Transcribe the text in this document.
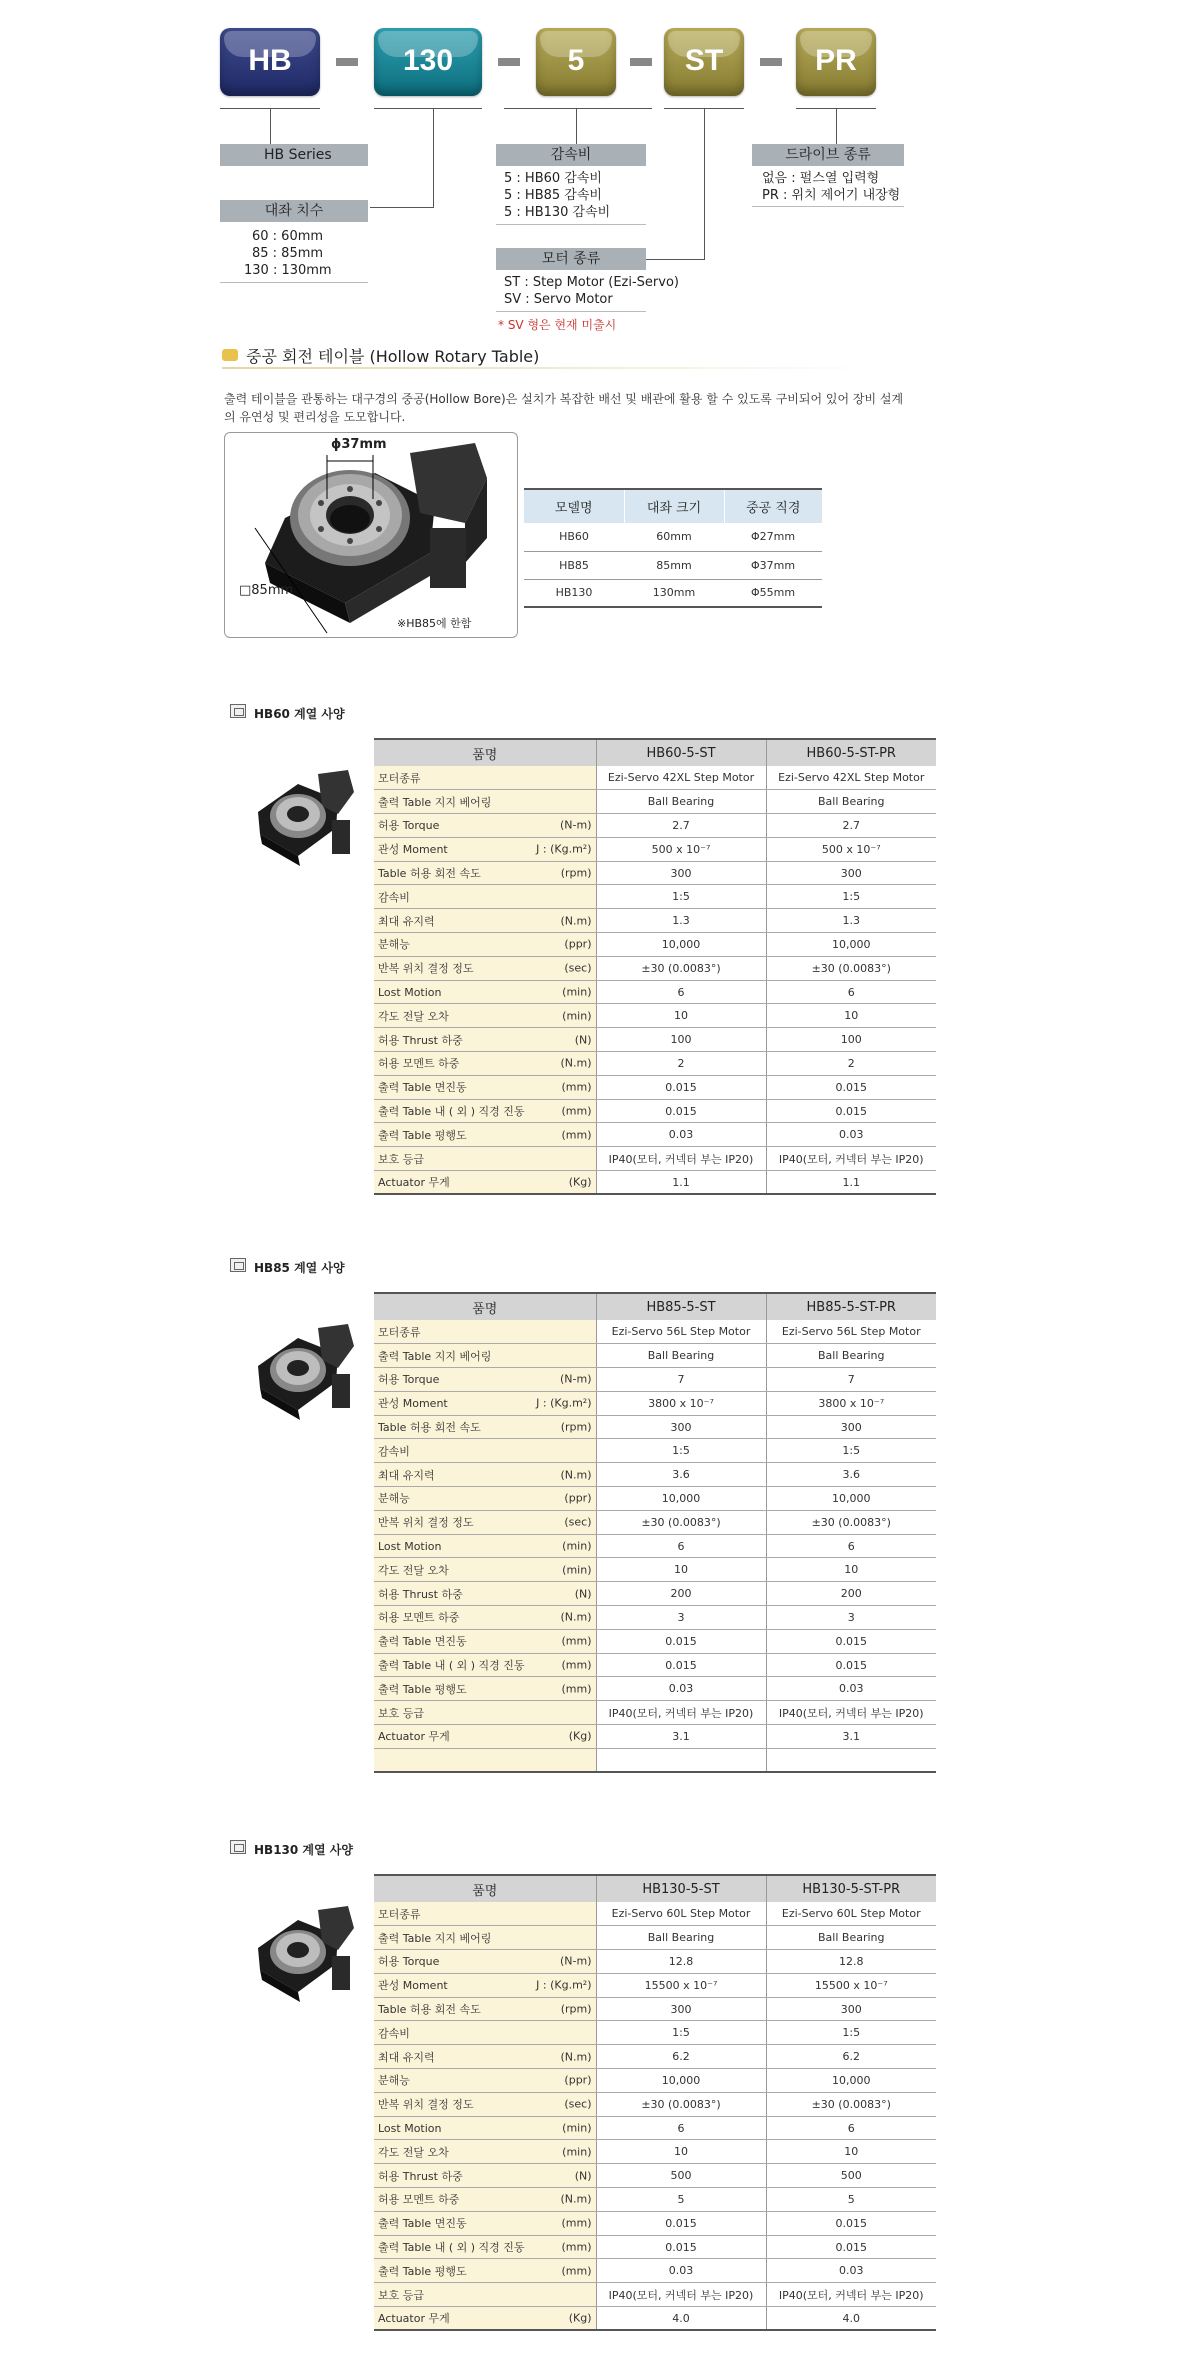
HB	130	5	ST	PR
HB Series
대좌 치수
60 : 60mm
85 : 85mm
130 : 130mm
감속비
5 : HB60 감속비
5 : HB85 감속비
5 : HB130 감속비
모터 종류
ST : Step Motor (Ezi-Servo)
SV : Servo Motor
* SV 형은 현재 미출시
드라이브 종류
없음 : 펄스열 입력형
PR : 위치 제어기 내장형
중공 회전 테이블 (Hollow Rotary Table)
출력 테이블을 관통하는 대구경의 중공(Hollow Bore)은 설치가 복잡한 배선 및 배관에 활용 할 수 있도록 구비되어 있어 장비 설계
의 유연성 및 편리성을 도모합니다.
ϕ37mm
□85mm
※HB85에 한함
모델명	대좌 크기	중공 직경
HB60	60mm	Φ27mm
HB85	85mm	Φ37mm
HB130	130mm	Φ55mm
HB60 계열 사양
품명	HB60-5-ST	HB60-5-ST-PR
모터종류	Ezi-Servo 42XL Step Motor	Ezi-Servo 42XL Step Motor
출력 Table 지지 베어링	Ball Bearing	Ball Bearing
허용 Torque (N-m)	2.7	2.7
관성 Moment J : (Kg.m²)	500 x 10⁻⁷	500 x 10⁻⁷
Table 허용 회전 속도 (rpm)	300	300
감속비	1:5	1:5
최대 유지력 (N.m)	1.3	1.3
분해능 (ppr)	10,000	10,000
반복 위치 결정 정도 (sec)	±30 (0.0083°)	±30 (0.0083°)
Lost Motion (min)	6	6
각도 전달 오차 (min)	10	10
허용 Thrust 하중 (N)	100	100
허용 모멘트 하중 (N.m)	2	2
출력 Table 면진동 (mm)	0.015	0.015
출력 Table 내 ( 외 ) 직경 진동 (mm)	0.015	0.015
출력 Table 평행도 (mm)	0.03	0.03
보호 등급	IP40(모터, 커넥터 부는 IP20)	IP40(모터, 커넥터 부는 IP20)
Actuator 무게 (Kg)	1.1	1.1
HB85 계열 사양
품명	HB85-5-ST	HB85-5-ST-PR
모터종류	Ezi-Servo 56L Step Motor	Ezi-Servo 56L Step Motor
출력 Table 지지 베어링	Ball Bearing	Ball Bearing
허용 Torque (N-m)	7	7
관성 Moment J : (Kg.m²)	3800 x 10⁻⁷	3800 x 10⁻⁷
Table 허용 회전 속도 (rpm)	300	300
감속비	1:5	1:5
최대 유지력 (N.m)	3.6	3.6
분해능 (ppr)	10,000	10,000
반복 위치 결정 정도 (sec)	±30 (0.0083°)	±30 (0.0083°)
Lost Motion (min)	6	6
각도 전달 오차 (min)	10	10
허용 Thrust 하중 (N)	200	200
허용 모멘트 하중 (N.m)	3	3
출력 Table 면진동 (mm)	0.015	0.015
출력 Table 내 ( 외 ) 직경 진동 (mm)	0.015	0.015
출력 Table 평행도 (mm)	0.03	0.03
보호 등급	IP40(모터, 커넥터 부는 IP20)	IP40(모터, 커넥터 부는 IP20)
Actuator 무게 (Kg)	3.1	3.1

HB130 계열 사양
품명	HB130-5-ST	HB130-5-ST-PR
모터종류	Ezi-Servo 60L Step Motor	Ezi-Servo 60L Step Motor
출력 Table 지지 베어링	Ball Bearing	Ball Bearing
허용 Torque (N-m)	12.8	12.8
관성 Moment J : (Kg.m²)	15500 x 10⁻⁷	15500 x 10⁻⁷
Table 허용 회전 속도 (rpm)	300	300
감속비	1:5	1:5
최대 유지력 (N.m)	6.2	6.2
분해능 (ppr)	10,000	10,000
반복 위치 결정 정도 (sec)	±30 (0.0083°)	±30 (0.0083°)
Lost Motion (min)	6	6
각도 전달 오차 (min)	10	10
허용 Thrust 하중 (N)	500	500
허용 모멘트 하중 (N.m)	5	5
출력 Table 면진동 (mm)	0.015	0.015
출력 Table 내 ( 외 ) 직경 진동 (mm)	0.015	0.015
출력 Table 평행도 (mm)	0.03	0.03
보호 등급	IP40(모터, 커넥터 부는 IP20)	IP40(모터, 커넥터 부는 IP20)
Actuator 무게 (Kg)	4.0	4.0
